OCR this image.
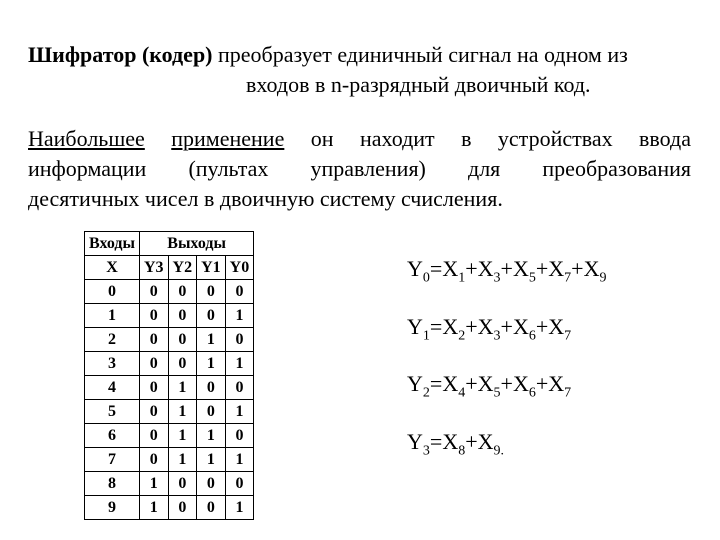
Шифратор (кодер) преобразует единичный сигнал на одном из
входов в n-разрядный двоичный код.
Наибольшее применение он находит в устройствах ввода
информации (пультах управления) для преобразования
десятичных чисел в двоичную систему счисления.
Входы	Выходы			
X	Y3	Y2	Y1	Y0
0	0	0	0	0
1	0	0	0	1
2	0	0	1	0
3	0	0	1	1
4	0	1	0	0
5	0	1	0	1
6	0	1	1	0
7	0	1	1	1
8	1	0	0	0
9	1	0	0	1
$Y_0=X_1+X_3+X_5+X_7+X_9$
$Y_1=X_2+X_3+X_6+X_7$
$Y_2=X_4+X_5+X_6+X_7$
$Y_3=X_8+X_{9.}$
